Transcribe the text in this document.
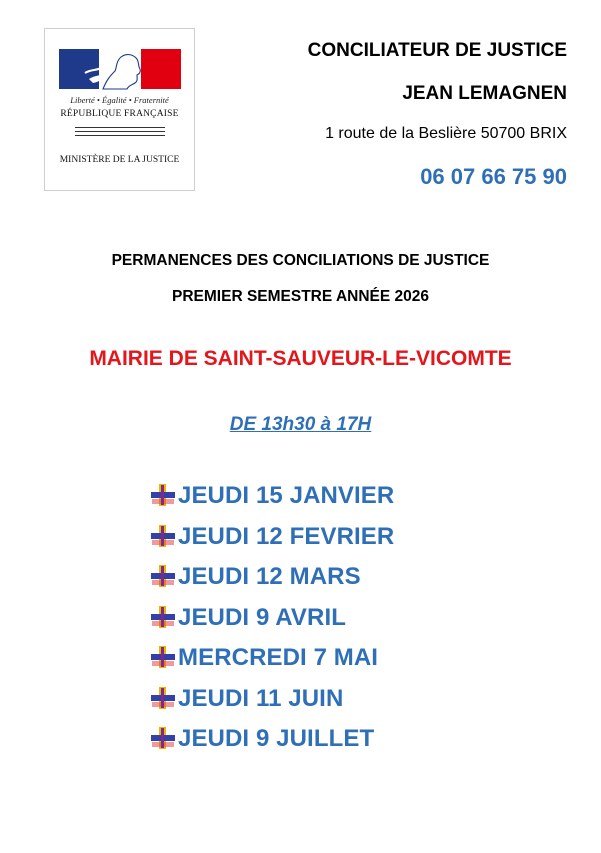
Liberté • Égalité • Fraternité
RÉPUBLIQUE FRANÇAISE
MINISTÈRE DE LA JUSTICE
CONCILIATEUR DE JUSTICE
JEAN LEMAGNEN
1 route de la Beslière 50700 BRIX
06 07 66 75 90
PERMANENCES DES CONCILIATIONS DE JUSTICE
PREMIER SEMESTRE ANNÉE 2026
MAIRIE DE SAINT-SAUVEUR-LE-VICOMTE
DE 13h30 à 17H
JEUDI 15 JANVIER
JEUDI 12 FEVRIER
JEUDI 12 MARS
JEUDI 9 AVRIL
MERCREDI 7 MAI
JEUDI 11 JUIN
JEUDI 9 JUILLET
